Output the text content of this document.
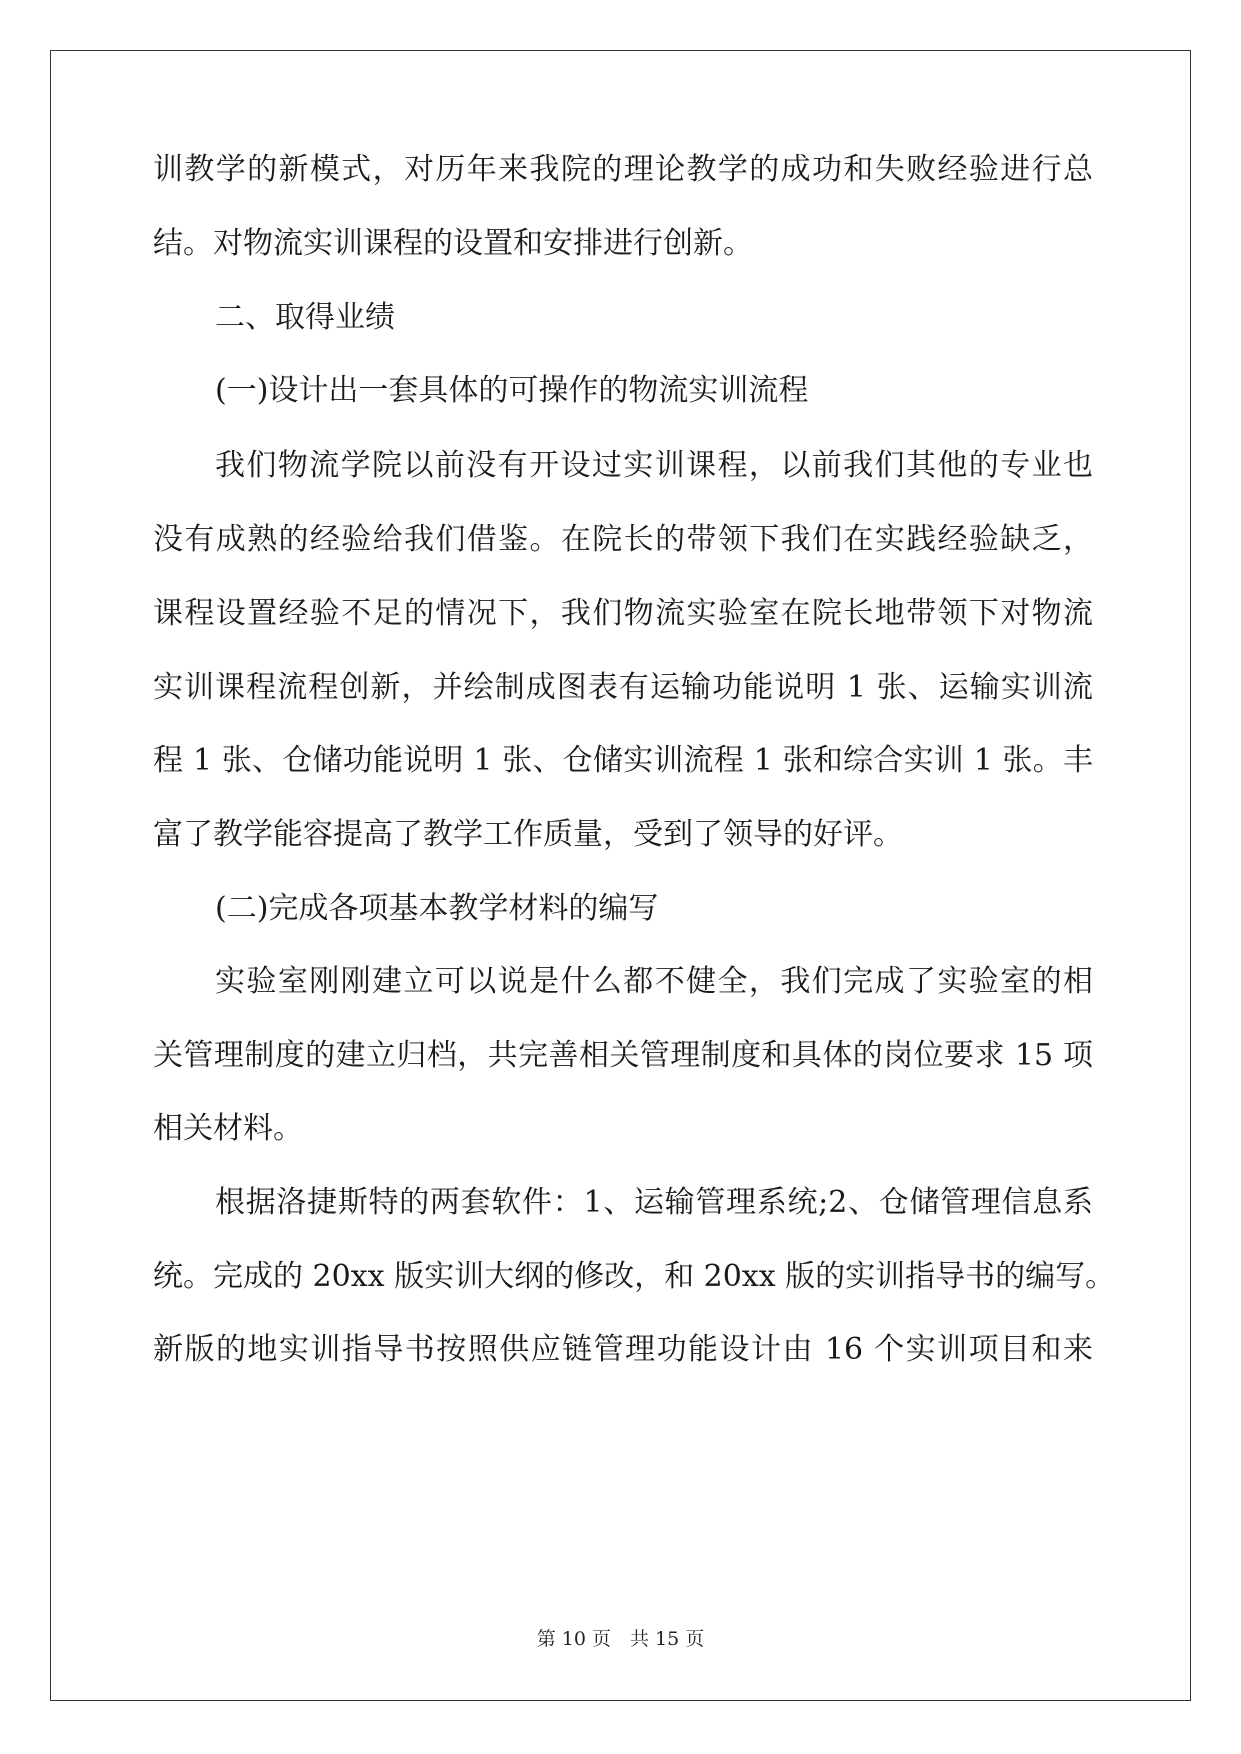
训教学的新模式，对历年来我院的理论教学的成功和失败经验进行总
结。对物流实训课程的设置和安排进行创新。
二、取得业绩
(一)设计出一套具体的可操作的物流实训流程
我们物流学院以前没有开设过实训课程，以前我们其他的专业也
没有成熟的经验给我们借鉴。在院长的带领下我们在实践经验缺乏，
课程设置经验不足的情况下，我们物流实验室在院长地带领下对物流
实训课程流程创新，并绘制成图表有运输功能说明 1 张、运输实训流
程 1 张、仓储功能说明 1 张、仓储实训流程 1 张和综合实训 1 张。丰
富了教学能容提高了教学工作质量，受到了领导的好评。
(二)完成各项基本教学材料的编写
实验室刚刚建立可以说是什么都不健全，我们完成了实验室的相
关管理制度的建立归档，共完善相关管理制度和具体的岗位要求 15 项
相关材料。
根据洛捷斯特的两套软件：1、运输管理系统;2、仓储管理信息系
统。完成的 20xx 版实训大纲的修改，和 20xx 版的实训指导书的编写。
新版的地实训指导书按照供应链管理功能设计由 16 个实训项目和来
第 10 页　共 15 页
